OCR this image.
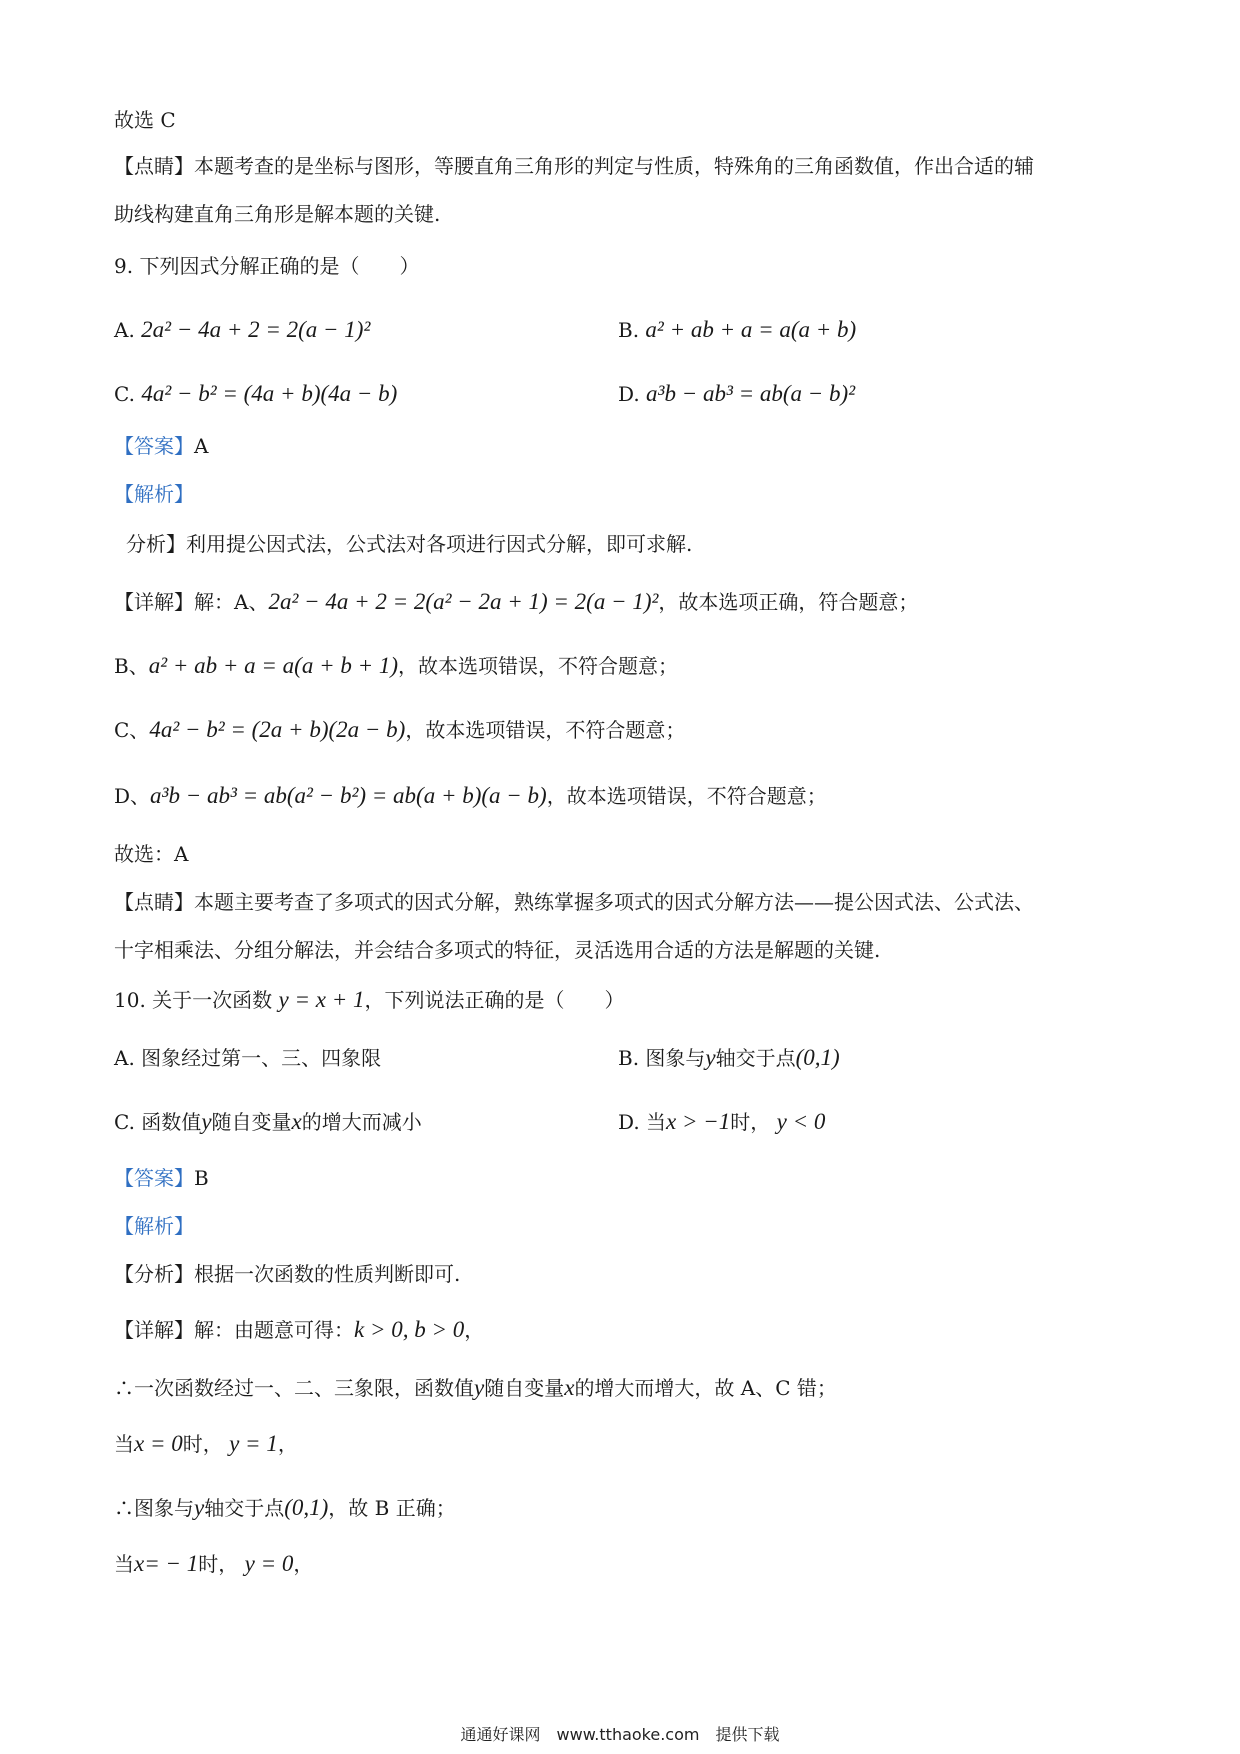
故选 C
【点睛】本题考查的是坐标与图形，等腰直角三角形的判定与性质，特殊角的三角函数值，作出合适的辅
助线构建直角三角形是解本题的关键.
9. 下列因式分解正确的是（　　）
A. 2a² − 4a + 2 = 2(a − 1)²	B. a² + ab + a = a(a + b)
C. 4a² − b² = (4a + b)(4a − b)	D. a³b − ab³ = ab(a − b)²
【答案】A
【解析】
分析】利用提公因式法，公式法对各项进行因式分解，即可求解.
【详解】解：A、2a² − 4a + 2 = 2(a² − 2a + 1) = 2(a − 1)²，故本选项正确，符合题意；
B、a² + ab + a = a(a + b + 1)，故本选项错误，不符合题意；
C、4a² − b² = (2a + b)(2a − b)，故本选项错误，不符合题意；
D、a³b − ab³ = ab(a² − b²) = ab(a + b)(a − b)，故本选项错误，不符合题意；
故选：A
【点睛】本题主要考查了多项式的因式分解，熟练掌握多项式的因式分解方法——提公因式法、公式法、
十字相乘法、分组分解法，并会结合多项式的特征，灵活选用合适的方法是解题的关键.
10. 关于一次函数 y = x + 1，下列说法正确的是（　　）
A. 图象经过第一、三、四象限	B. 图象与y轴交于点(0,1)
C. 函数值y随自变量x的增大而减小	D. 当x > −1时， y < 0
【答案】B
【解析】
【分析】根据一次函数的性质判断即可.
【详解】解：由题意可得：k > 0, b > 0，
∴一次函数经过一、二、三象限，函数值y随自变量x的增大而增大，故 A、C 错；
当x = 0时， y = 1，
∴图象与y轴交于点(0,1)，故 B 正确；
当x= − 1时， y = 0，
通通好课网　www.tthaoke.com　提供下载
